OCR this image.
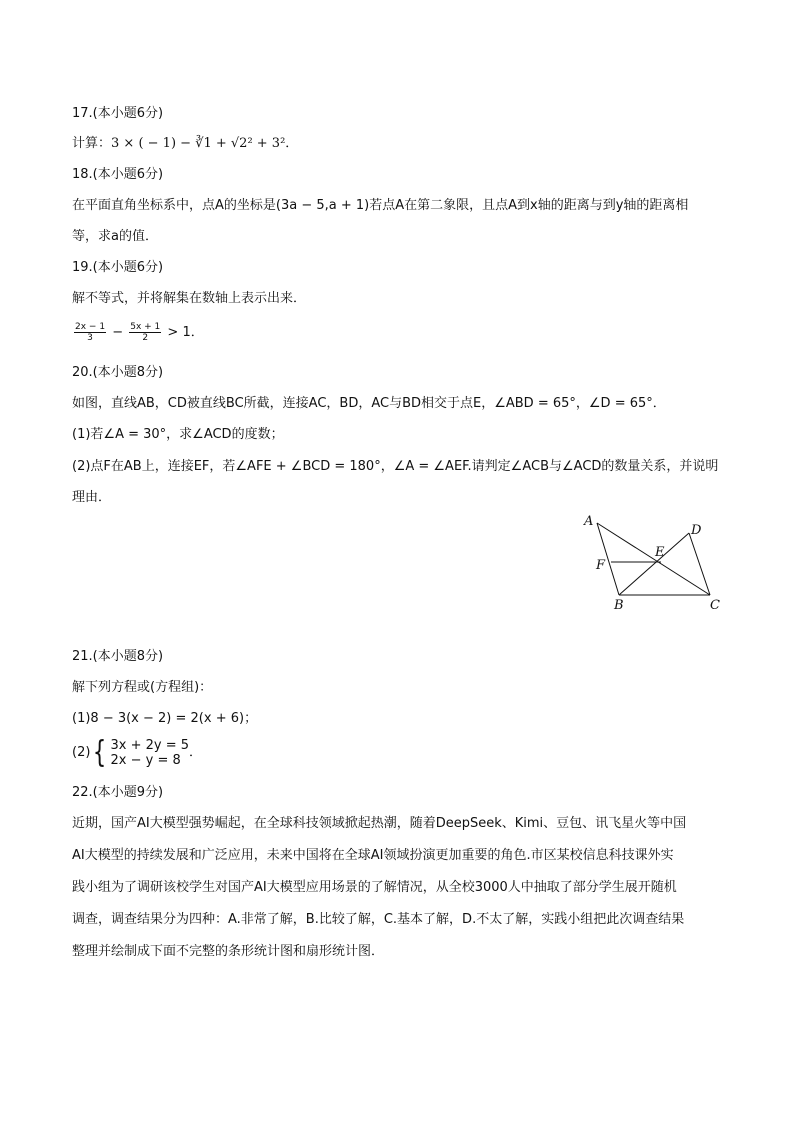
17.(本小题6分)
计算：3 × ( − 1) − ∛1 + √2² + 3²．
18.(本小题6分)
在平面直角坐标系中，点A的坐标是(3a − 5,a + 1)若点A在第二象限，且点A到x轴的距离与到y轴的距离相
等，求a的值．
19.(本小题6分)
解不等式，并将解集在数轴上表示出来．
$\frac{2x - 1}{3} - \frac{5x + 1}{2} > 1$．
20.(本小题8分)
如图，直线AB，CD被直线BC所截，连接AC，BD，AC与BD相交于点E，∠ABD = 65°，∠D = 65°．
(1)若∠A = 30°，求∠ACD的度数；
(2)点F在AB上，连接EF，若∠AFE + ∠BCD = 180°，∠A = ∠AEF.请判定∠ACB与∠ACD的数量关系，并说明
理由．
A
D
E
F
B	C
21.(本小题8分)
解下列方程或(方程组)：
(1)8 − 3(x − 2) = 2(x + 6)；
(2){ 3x + 2y = 5
2x − y = 8 ．
22.(本小题9分)
近期，国产AI大模型强势崛起，在全球科技领域掀起热潮，随着DeepSeek、Kimi、豆包、讯飞星火等中国
AI大模型的持续发展和广泛应用，未来中国将在全球AI领域扮演更加重要的角色.市区某校信息科技课外实
践小组为了调研该校学生对国产AI大模型应用场景的了解情况，从全校3000人中抽取了部分学生展开随机
调查，调查结果分为四种：A.非常了解，B.比较了解，C.基本了解，D.不太了解，实践小组把此次调查结果
整理并绘制成下面不完整的条形统计图和扇形统计图．
